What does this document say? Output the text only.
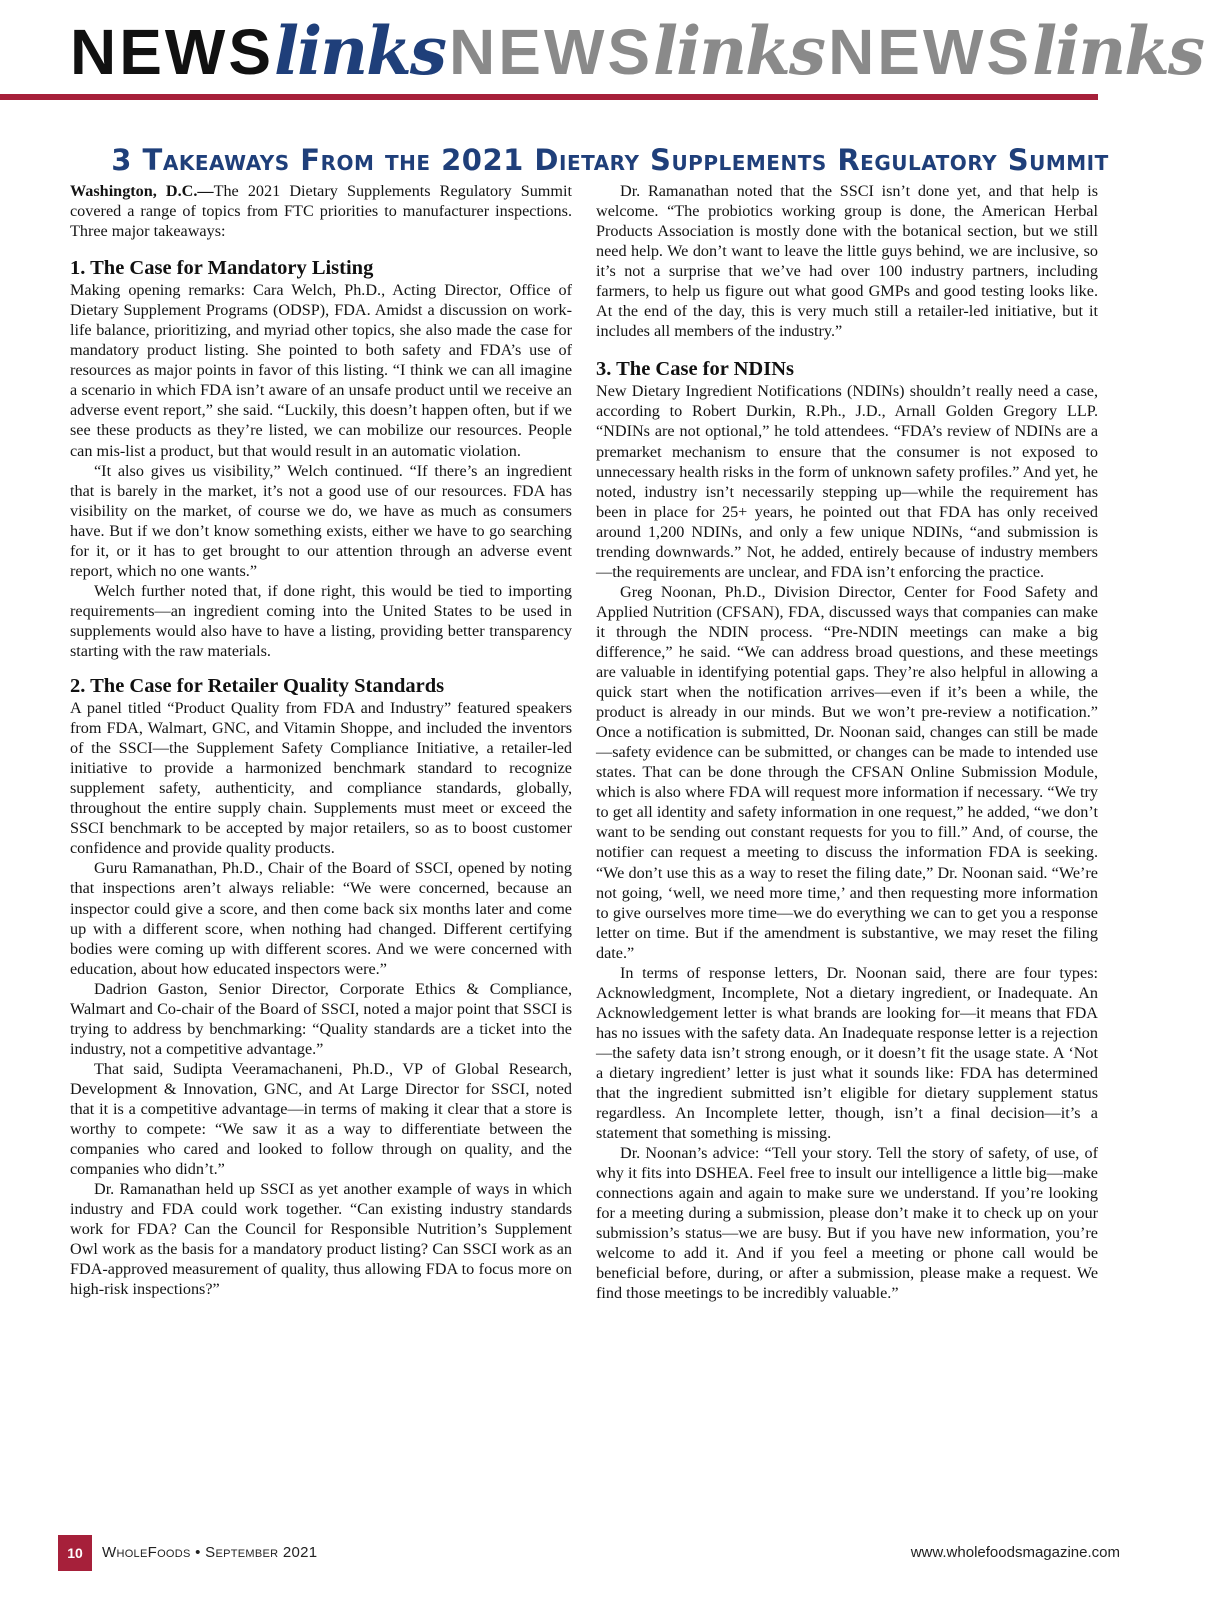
NEWSlinksNEWSlinksNEWSlinks
3 Takeaways From the 2021 Dietary Supplements Regulatory Summit

Washington, D.C.—The 2021 Dietary Supplements Regulatory Summit covered a range of topics from FTC priorities to manufacturer inspections. Three major takeaways:

1. The Case for Mandatory Listing

Making opening remarks: Cara Welch, Ph.D., Acting Director, Office of Dietary Supplement Programs (ODSP), FDA. Amidst a discussion on work-life balance, prioritizing, and myriad other topics, she also made the case for mandatory product listing. She pointed to both safety and FDA’s use of resources as major points in favor of this listing. “I think we can all imagine a scenario in which FDA isn’t aware of an unsafe product until we receive an adverse event report,” she said. “Luckily, this doesn’t happen often, but if we see these products as they’re listed, we can mobilize our resources. People can mis-list a product, but that would result in an automatic violation.

“It also gives us visibility,” Welch continued. “If there’s an ingredient that is barely in the market, it’s not a good use of our resources. FDA has visibility on the market, of course we do, we have as much as consumers have. But if we don’t know something exists, either we have to go searching for it, or it has to get brought to our attention through an adverse event report, which no one wants.”

Welch further noted that, if done right, this would be tied to importing requirements—an ingredient coming into the United States to be used in supplements would also have to have a listing, providing better transparency starting with the raw materials.

2. The Case for Retailer Quality Standards

A panel titled “Product Quality from FDA and Industry” featured speakers from FDA, Walmart, GNC, and Vitamin Shoppe, and included the inventors of the SSCI—the Supplement Safety Compliance Initiative, a retailer-led initiative to provide a harmonized benchmark standard to recognize supplement safety, authenticity, and compliance standards, globally, throughout the entire supply chain. Supplements must meet or exceed the SSCI benchmark to be accepted by major retailers, so as to boost customer confidence and provide quality products.

Guru Ramanathan, Ph.D., Chair of the Board of SSCI, opened by noting that inspections aren’t always reliable: “We were concerned, because an inspector could give a score, and then come back six months later and come up with a different score, when nothing had changed. Different certifying bodies were coming up with different scores. And we were concerned with education, about how educated inspectors were.”

Dadrion Gaston, Senior Director, Corporate Ethics & Compliance, Walmart and Co-chair of the Board of SSCI, noted a major point that SSCI is trying to address by benchmarking: “Quality standards are a ticket into the industry, not a competitive advantage.”

That said, Sudipta Veeramachaneni, Ph.D., VP of Global Research, Development & Innovation, GNC, and At Large Director for SSCI, noted that it is a competitive advantage—in terms of making it clear that a store is worthy to compete: “We saw it as a way to differentiate between the companies who cared and looked to follow through on quality, and the companies who didn’t.”

Dr. Ramanathan held up SSCI as yet another example of ways in which industry and FDA could work together. “Can existing industry standards work for FDA? Can the Council for Responsible Nutrition’s Supplement Owl work as the basis for a mandatory product listing? Can SSCI work as an FDA-approved measurement of quality, thus allowing FDA to focus more on high-risk inspections?”

Dr. Ramanathan noted that the SSCI isn’t done yet, and that help is welcome. “The probiotics working group is done, the American Herbal Products Association is mostly done with the botanical section, but we still need help. We don’t want to leave the little guys behind, we are inclusive, so it’s not a surprise that we’ve had over 100 industry partners, including farmers, to help us figure out what good GMPs and good testing looks like. At the end of the day, this is very much still a retailer-led initiative, but it includes all members of the industry.”

3. The Case for NDINs

New Dietary Ingredient Notifications (NDINs) shouldn’t really need a case, according to Robert Durkin, R.Ph., J.D., Arnall Golden Gregory LLP. “NDINs are not optional,” he told attendees. “FDA’s review of NDINs are a premarket mechanism to ensure that the consumer is not exposed to unnecessary health risks in the form of unknown safety profiles.” And yet, he noted, industry isn’t necessarily stepping up—while the requirement has been in place for 25+ years, he pointed out that FDA has only received around 1,200 NDINs, and only a few unique NDINs, “and submission is trending downwards.” Not, he added, entirely because of industry members—the requirements are unclear, and FDA isn’t enforcing the practice.

Greg Noonan, Ph.D., Division Director, Center for Food Safety and Applied Nutrition (CFSAN), FDA, discussed ways that companies can make it through the NDIN process. “Pre-NDIN meetings can make a big difference,” he said. “We can address broad questions, and these meetings are valuable in identifying potential gaps. They’re also helpful in allowing a quick start when the notification arrives—even if it’s been a while, the product is already in our minds. But we won’t pre-review a notification.” Once a notification is submitted, Dr. Noonan said, changes can still be made—safety evidence can be submitted, or changes can be made to intended use states. That can be done through the CFSAN Online Submission Module, which is also where FDA will request more information if necessary. “We try to get all identity and safety information in one request,” he added, “we don’t want to be sending out constant requests for you to fill.” And, of course, the notifier can request a meeting to discuss the information FDA is seeking. “We don’t use this as a way to reset the filing date,” Dr. Noonan said. “We’re not going, ‘well, we need more time,’ and then requesting more information to give ourselves more time—we do everything we can to get you a response letter on time. But if the amendment is substantive, we may reset the filing date.”

In terms of response letters, Dr. Noonan said, there are four types: Acknowledgment, Incomplete, Not a dietary ingredient, or Inadequate. An Acknowledgement letter is what brands are looking for—it means that FDA has no issues with the safety data. An Inadequate response letter is a rejection—the safety data isn’t strong enough, or it doesn’t fit the usage state. A ‘Not a dietary ingredient’ letter is just what it sounds like: FDA has determined that the ingredient submitted isn’t eligible for dietary supplement status regardless. An Incomplete letter, though, isn’t a final decision—it’s a statement that something is missing.

Dr. Noonan’s advice: “Tell your story. Tell the story of safety, of use, of why it fits into DSHEA. Feel free to insult our intelligence a little big—make connections again and again to make sure we understand. If you’re looking for a meeting during a submission, please don’t make it to check up on your submission’s status—we are busy. But if you have new information, you’re welcome to add it. And if you feel a meeting or phone call would be beneficial before, during, or after a submission, please make a request. We find those meetings to be incredibly valuable.”

10	WholeFoods • September 2021	www.wholefoodsmagazine.com
